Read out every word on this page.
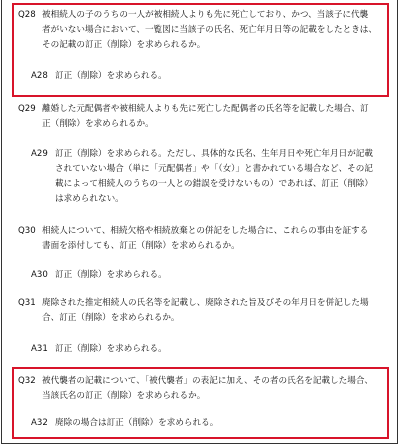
Q28 被相続人の子のうちの一人が被相続人よりも先に死亡しており、かつ、当該子に代襲
者がいない場合において、一覧図に当該子の氏名、死亡年月日等の記載をしたときは、
その記載の訂正（削除）を求められるか。
A28 訂正（削除）を求められる。
Q29 離婚した元配偶者や被相続人よりも先に死亡した配偶者の氏名等を記載した場合、訂
正（削除）を求められるか。
A29 訂正（削除）を求められる。ただし、具体的な氏名、生年月日や死亡年月日が記載
されていない場合（単に「元配偶者」や「（女）」と書かれている場合など、その記
載によって相続人のうちの一人との錯誤を受けないもの）であれば、訂正（削除）
は求められない。
Q30 相続人について、相続欠格や相続放棄との併記をした場合に、これらの事由を証する
書面を添付しても、訂正（削除）を求められるか。
A30 訂正（削除）を求められる。
Q31 廃除された推定相続人の氏名等を記載し、廃除された旨及びその年月日を併記した場
合、訂正（削除）を求められるか。
A31 訂正（削除）を求められる。
Q32 被代襲者の記載について、「被代襲者」の表記に加え、その者の氏名を記載した場合、
当該氏名の訂正（削除）を求められるか。
A32 廃除の場合は訂正（削除）を求められる。
